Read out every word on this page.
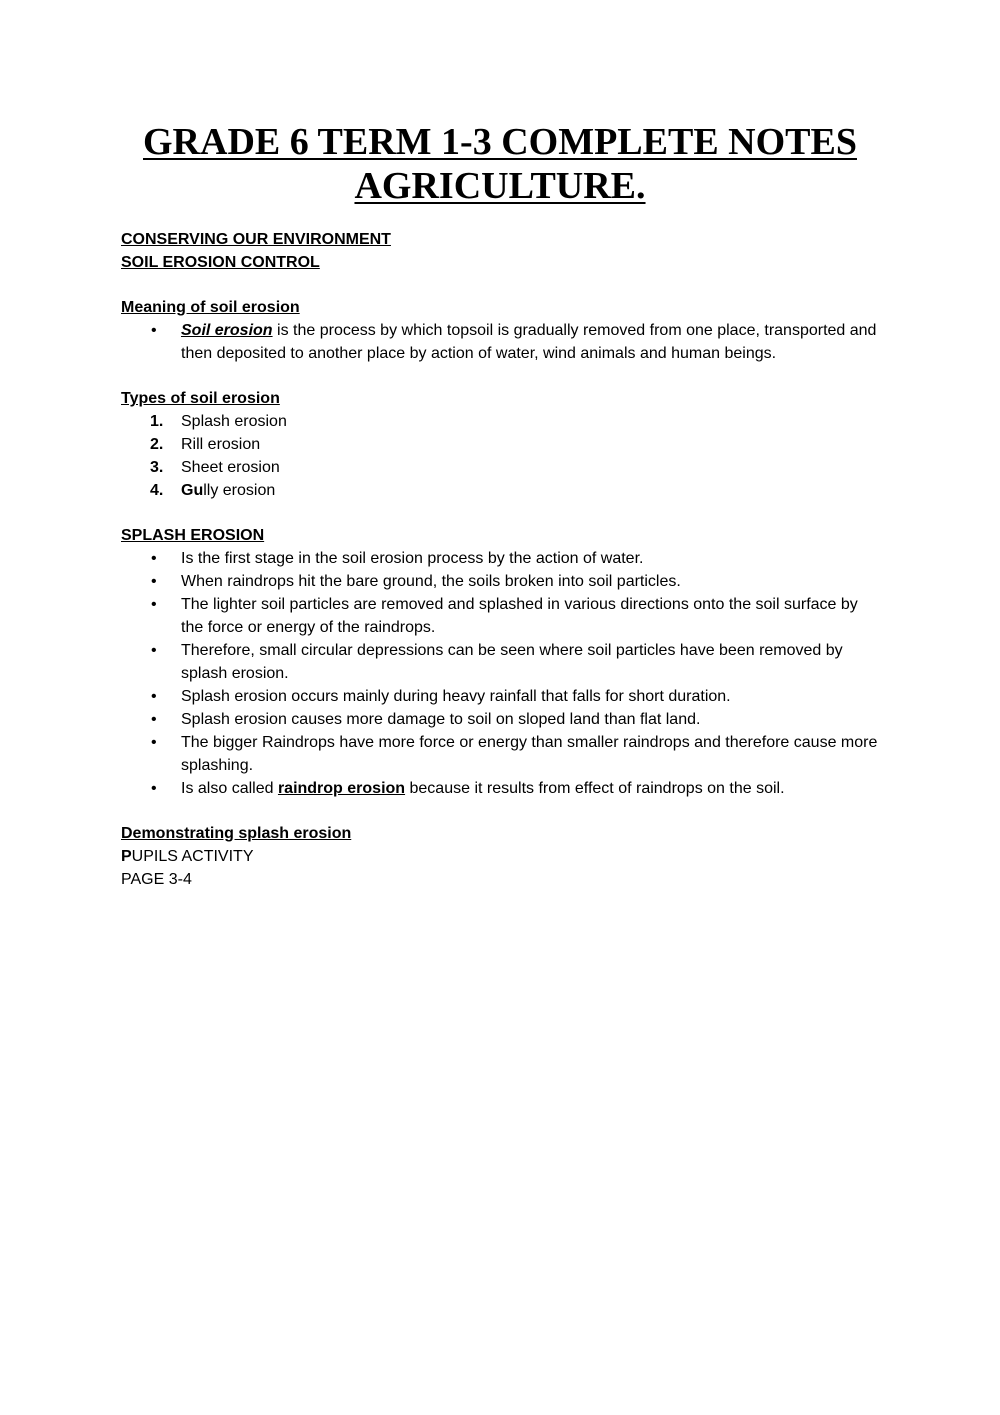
GRADE 6 TERM 1-3 COMPLETE NOTES
AGRICULTURE.

CONSERVING OUR ENVIRONMENT

SOIL EROSION CONTROL

Meaning of soil erosion

• Soil erosion is the process by which topsoil is gradually removed from one place, transported and then deposited to another place by action of water, wind animals and human beings.

Types of soil erosion

1. Splash erosion
2. Rill erosion
3. Sheet erosion
4. Gully erosion

SPLASH EROSION

• Is the first stage in the soil erosion process by the action of water.
• When raindrops hit the bare ground, the soils broken into soil particles.
• The lighter soil particles are removed and splashed in various directions onto the soil surface by the force or energy of the raindrops.
• Therefore, small circular depressions can be seen where soil particles have been removed by splash erosion.
• Splash erosion occurs mainly during heavy rainfall that falls for short duration.
• Splash erosion causes more damage to soil on sloped land than flat land.
• The bigger Raindrops have more force or energy than smaller raindrops and therefore cause more splashing.
• Is also called raindrop erosion because it results from effect of raindrops on the soil.

Demonstrating splash erosion

PUPILS ACTIVITY

PAGE 3-4
